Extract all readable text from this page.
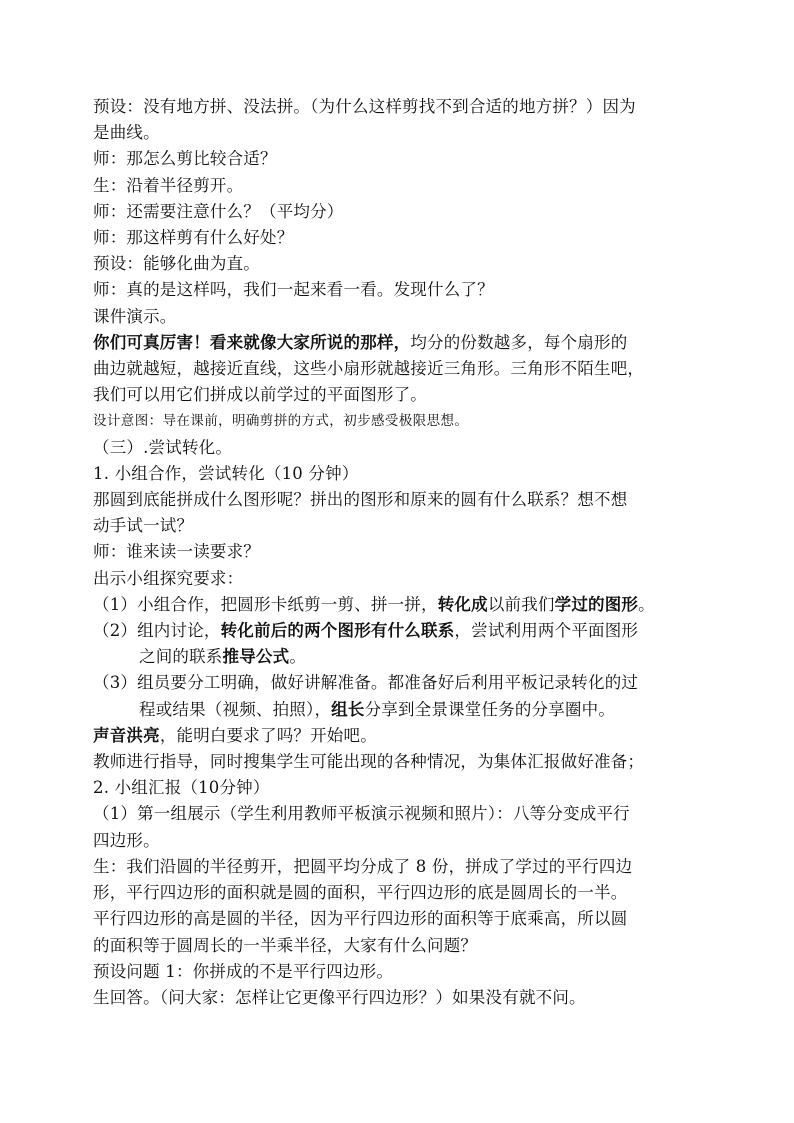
预设：没有地方拼、没法拼。（为什么这样剪找不到合适的地方拼？）因为

是曲线。

师：那怎么剪比较合适？

生：沿着半径剪开。

师：还需要注意什么？（平均分）

师：那这样剪有什么好处？

预设：能够化曲为直。

师：真的是这样吗，我们一起来看一看。发现什么了？

课件演示。

你们可真厉害！看来就像大家所说的那样，均分的份数越多，每个扇形的

曲边就越短，越接近直线，这些小扇形就越接近三角形。三角形不陌生吧，

我们可以用它们拼成以前学过的平面图形了。

设计意图：导在课前，明确剪拼的方式，初步感受极限思想。

（三）.尝试转化。

1. 小组合作，尝试转化（10 分钟）

那圆到底能拼成什么图形呢？拼出的图形和原来的圆有什么联系？想不想

动手试一试？

师：谁来读一读要求？

出示小组探究要求：

（1）小组合作，把圆形卡纸剪一剪、拼一拼，转化成以前我们学过的图形。

（2）组内讨论，转化前后的两个图形有什么联系，尝试利用两个平面图形

之间的联系推导公式。

（3）组员要分工明确，做好讲解准备。都准备好后利用平板记录转化的过

程或结果（视频、拍照），组长分享到全景课堂任务的分享圈中。

声音洪亮，能明白要求了吗？开始吧。

教师进行指导，同时搜集学生可能出现的各种情况，为集体汇报做好准备；

2. 小组汇报（10分钟）

（1）第一组展示（学生利用教师平板演示视频和照片）：八等分变成平行

四边形。

生：我们沿圆的半径剪开，把圆平均分成了 8 份，拼成了学过的平行四边

形，平行四边形的面积就是圆的面积，平行四边形的底是圆周长的一半。

平行四边形的高是圆的半径，因为平行四边形的面积等于底乘高，所以圆

的面积等于圆周长的一半乘半径，大家有什么问题？

预设问题 1：你拼成的不是平行四边形。

生回答。（问大家：怎样让它更像平行四边形？）如果没有就不问。
